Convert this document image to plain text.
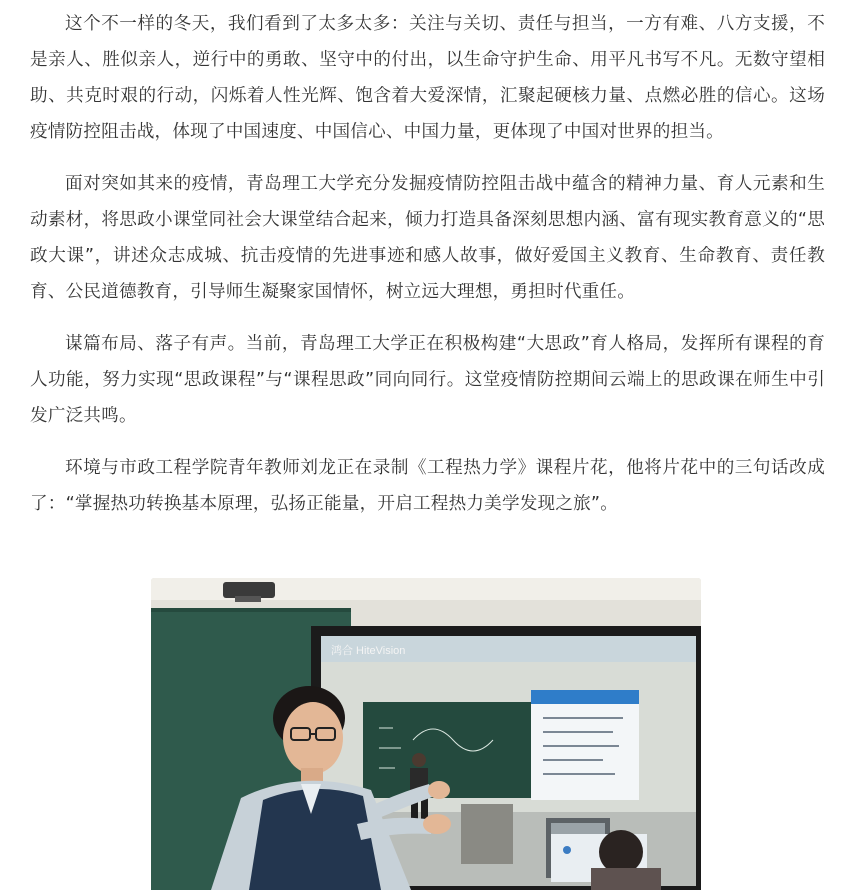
这个不一样的冬天，我们看到了太多太多：关注与关切、责任与担当，一方有难、八方支援，不是亲人、胜似亲人，逆行中的勇敢、坚守中的付出，以生命守护生命、用平凡书写不凡。无数守望相助、共克时艰的行动，闪烁着人性光辉、饱含着大爱深情，汇聚起硬核力量、点燃必胜的信心。这场疫情防控阻击战，体现了中国速度、中国信心、中国力量，更体现了中国对世界的担当。

面对突如其来的疫情，青岛理工大学充分发掘疫情防控阻击战中蕴含的精神力量、育人元素和生动素材，将思政小课堂同社会大课堂结合起来，倾力打造具备深刻思想内涵、富有现实教育意义的“思政大课”，讲述众志成城、抗击疫情的先进事迹和感人故事，做好爱国主义教育、生命教育、责任教育、公民道德教育，引导师生凝聚家国情怀，树立远大理想，勇担时代重任。

谋篇布局、落子有声。当前，青岛理工大学正在积极构建“大思政”育人格局，发挥所有课程的育人功能，努力实现“思政课程”与“课程思政”同向同行。这堂疫情防控期间云端上的思政课在师生中引发广泛共鸣。

环境与市政工程学院青年教师刘龙正在录制《工程热力学》课程片花，他将片花中的三句话改成了：“掌握热功转换基本原理，弘扬正能量，开启工程热力美学发现之旅”。

鸿合 HiteVision
